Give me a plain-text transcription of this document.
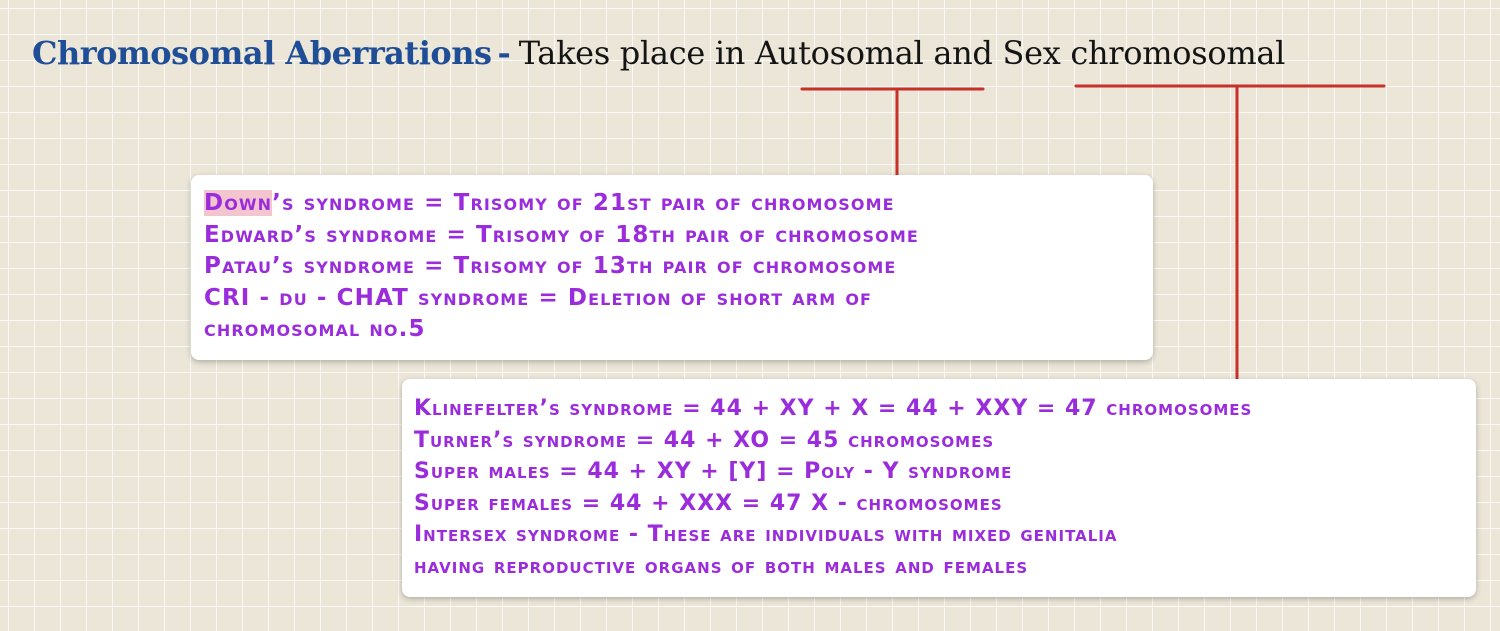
Chromosomal Aberrations - Takes place in Autosomal and Sex chromosomal
Down’s syndrome = Trisomy of 21st pair of chromosome
Edward’s syndrome = Trisomy of 18th pair of chromosome
Patau’s syndrome = Trisomy of 13th pair of chromosome
CRI - du - CHAT syndrome = Deletion of short arm of
chromosomal no.5
Klinefelter’s syndrome = 44 + XY + X = 44 + XXY = 47 chromosomes
Turner’s syndrome = 44 + XO = 45 chromosomes
Super males = 44 + XY + [Y] = Poly - Y syndrome
Super females = 44 + XXX = 47 X - chromosomes
Intersex syndrome - These are individuals with mixed genitalia
having reproductive organs of both males and females
